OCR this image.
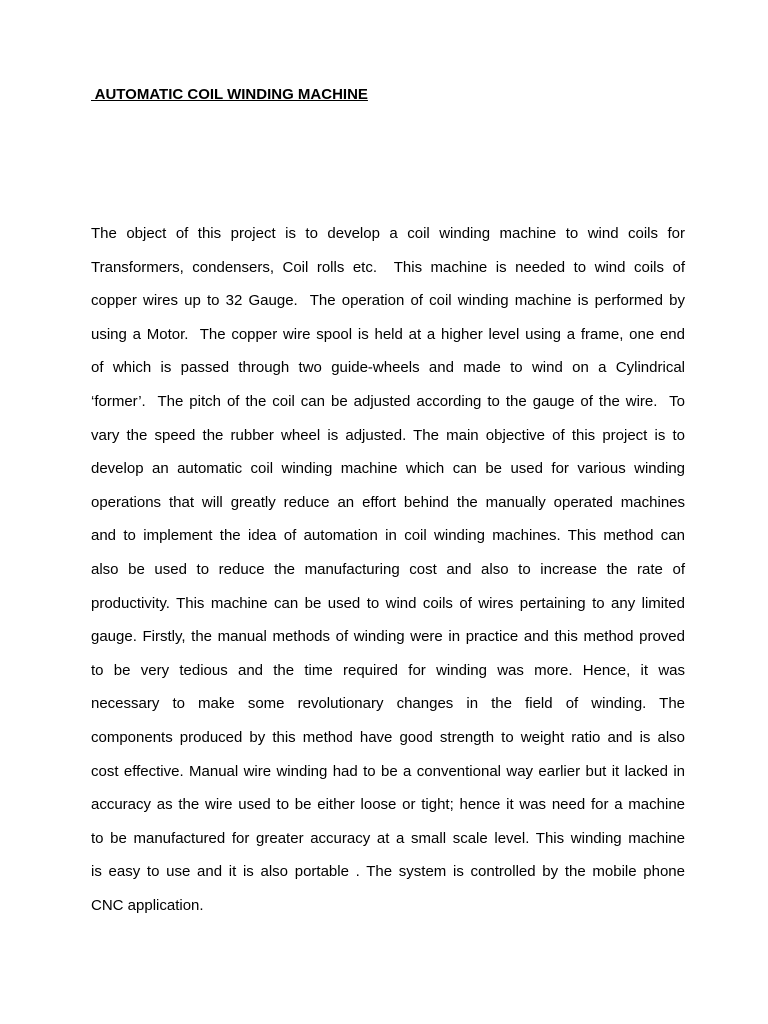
AUTOMATIC COIL WINDING MACHINE
The object of this project is to develop a coil winding machine to wind coils for
Transformers, condensers, Coil rolls etc.  This machine is needed to wind coils of
copper wires up to 32 Gauge.  The operation of coil winding machine is performed by
using a Motor.  The copper wire spool is held at a higher level using a frame, one end
of which is passed through two guide-wheels and made to wind on a Cylindrical
‘former’.  The pitch of the coil can be adjusted according to the gauge of the wire.  To
vary the speed the rubber wheel is adjusted. The main objective of this project is to
develop an automatic coil winding machine which can be used for various winding
operations that will greatly reduce an effort behind the manually operated machines
and to implement the idea of automation in coil winding machines. This method can
also be used to reduce the manufacturing cost and also to increase the rate of
productivity. This machine can be used to wind coils of wires pertaining to any limited
gauge. Firstly, the manual methods of winding were in practice and this method proved
to be very tedious and the time required for winding was more. Hence, it was
necessary to make some revolutionary changes in the field of winding. The
components produced by this method have good strength to weight ratio and is also
cost effective. Manual wire winding had to be a conventional way earlier but it lacked in
accuracy as the wire used to be either loose or tight; hence it was need for a machine
to be manufactured for greater accuracy at a small scale level. This winding machine
is easy to use and it is also portable . The system is controlled by the mobile phone
CNC application.
